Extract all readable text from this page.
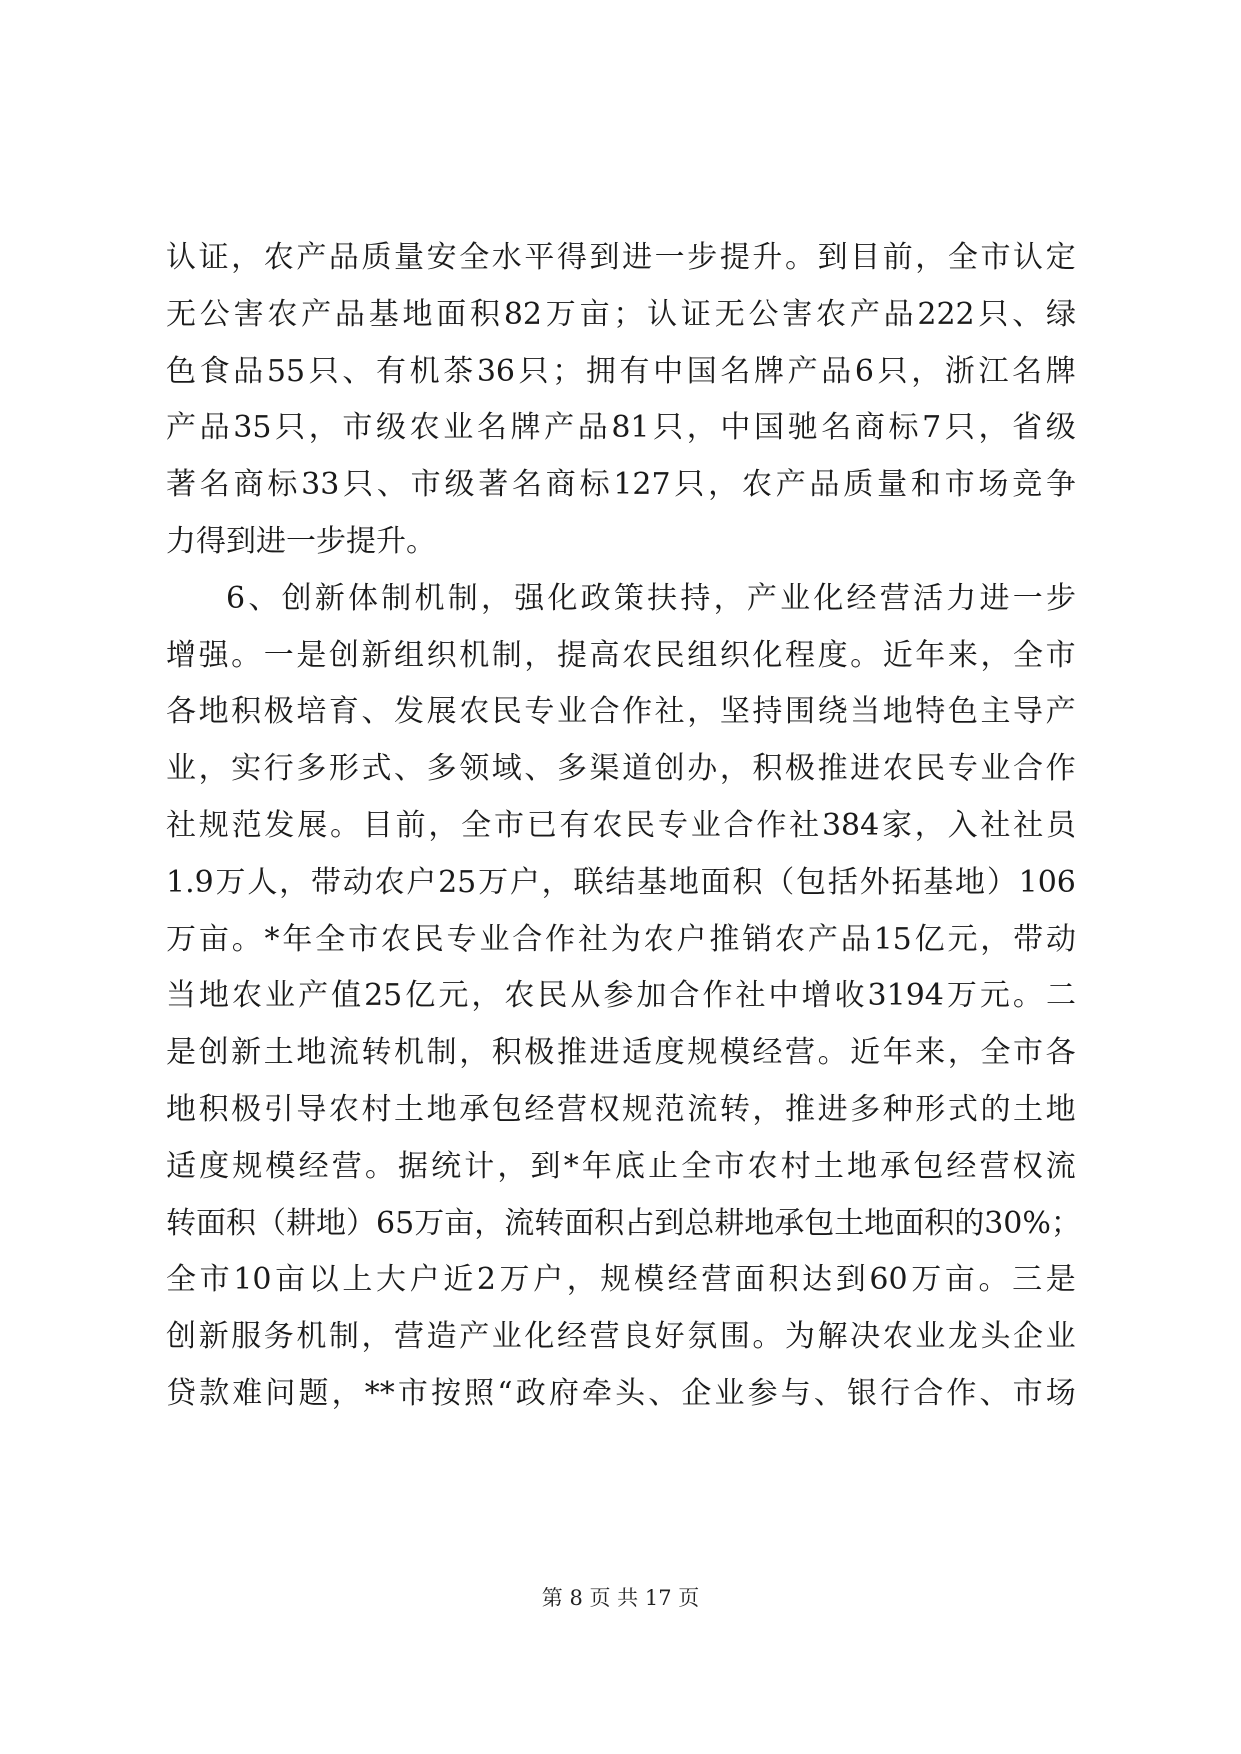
认 证 ， 农 产 品 质 量 安 全 水 平 得 到 进 一 步 提 升 。 到 目 前 ， 全 市 认 定
无 公 害 农 产 品 基 地 面 积 82 万 亩 ； 认 证 无 公 害 农 产 品 222 只 、 绿
色 食 品 55 只 、 有 机 茶 36 只 ； 拥 有 中 国 名 牌 产 品 6 只 ， 浙 江 名 牌
产 品 35 只 ， 市 级 农 业 名 牌 产 品 81 只 ， 中 国 驰 名 商 标 7 只 ， 省 级
著 名 商 标 33 只 、 市 级 著 名 商 标 127 只 ， 农 产 品 质 量 和 市 场 竞 争
力得到进一步提升。
6 、 创 新 体 制 机 制 ， 强 化 政 策 扶 持 ， 产 业 化 经 营 活 力 进 一 步
增 强 。 一 是 创 新 组 织 机 制 ， 提 高 农 民 组 织 化 程 度 。 近 年 来 ， 全 市
各 地 积 极 培 育 、 发 展 农 民 专 业 合 作 社 ， 坚 持 围 绕 当 地 特 色 主 导 产
业 ， 实 行 多 形 式 、 多 领 域 、 多 渠 道 创 办 ， 积 极 推 进 农 民 专 业 合 作
社 规 范 发 展 。 目 前 ， 全 市 已 有 农 民 专 业 合 作 社 384 家 ， 入 社 社 员
1.9 万 人 ， 带 动 农 户 25 万 户 ， 联 结 基 地 面 积 （ 包 括 外 拓 基 地 ） 106
万 亩 。 * 年 全 市 农 民 专 业 合 作 社 为 农 户 推 销 农 产 品 15 亿 元 ， 带 动
当 地 农 业 产 值 25 亿 元 ， 农 民 从 参 加 合 作 社 中 增 收 3194 万 元 。 二
是 创 新 土 地 流 转 机 制 ， 积 极 推 进 适 度 规 模 经 营 。 近 年 来 ， 全 市 各
地 积 极 引 导 农 村 土 地 承 包 经 营 权 规 范 流 转 ， 推 进 多 种 形 式 的 土 地
适 度 规 模 经 营 。 据 统 计 ， 到 * 年 底 止 全 市 农 村 土 地 承 包 经 营 权 流
转 面 积 （ 耕 地 ） 65 万 亩 ， 流 转 面 积 占 到 总 耕 地 承 包 土 地 面 积 的 30% ；
全 市 10 亩 以 上 大 户 近 2 万 户 ， 规 模 经 营 面 积 达 到 60 万 亩 。 三 是
创 新 服 务 机 制 ， 营 造 产 业 化 经 营 良 好 氛 围 。 为 解 决 农 业 龙 头 企 业
贷 款 难 问 题 ， ** 市 按 照 “ 政 府 牵 头 、 企 业 参 与 、 银 行 合 作 、 市 场
第 8 页 共 17 页
